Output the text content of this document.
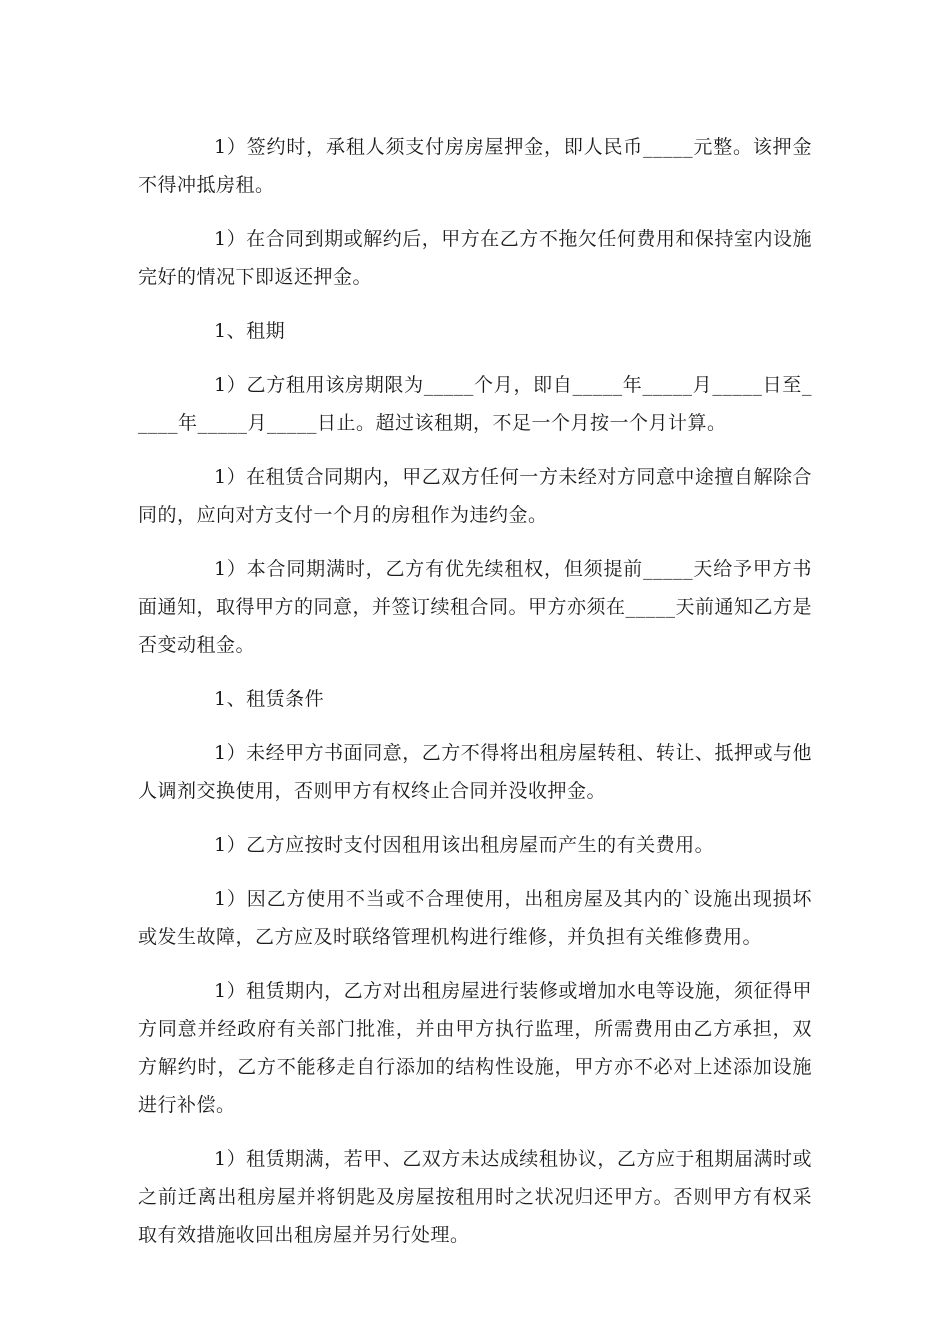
1）签约时，承租人须支付房房屋押金，即人民币_____元整。该押金不得冲抵房租。

1）在合同到期或解约后，甲方在乙方不拖欠任何费用和保持室内设施完好的情况下即返还押金。

1、租期

1）乙方租用该房期限为_____个月，即自_____年_____月_____日至_____年_____月_____日止。超过该租期，不足一个月按一个月计算。

1）在租赁合同期内，甲乙双方任何一方未经对方同意中途擅自解除合同的，应向对方支付一个月的房租作为违约金。

1）本合同期满时，乙方有优先续租权，但须提前_____天给予甲方书面通知，取得甲方的同意，并签订续租合同。甲方亦须在_____天前通知乙方是否变动租金。

1、租赁条件

1）未经甲方书面同意，乙方不得将出租房屋转租、转让、抵押或与他人调剂交换使用，否则甲方有权终止合同并没收押金。

1）乙方应按时支付因租用该出租房屋而产生的有关费用。

1）因乙方使用不当或不合理使用，出租房屋及其内的`设施出现损坏或发生故障，乙方应及时联络管理机构进行维修，并负担有关维修费用。

1）租赁期内，乙方对出租房屋进行装修或增加水电等设施，须征得甲方同意并经政府有关部门批准，并由甲方执行监理，所需费用由乙方承担，双方解约时，乙方不能移走自行添加的结构性设施，甲方亦不必对上述添加设施进行补偿。

1）租赁期满，若甲、乙双方未达成续租协议，乙方应于租期届满时或之前迁离出租房屋并将钥匙及房屋按租用时之状况归还甲方。否则甲方有权采取有效措施收回出租房屋并另行处理。
